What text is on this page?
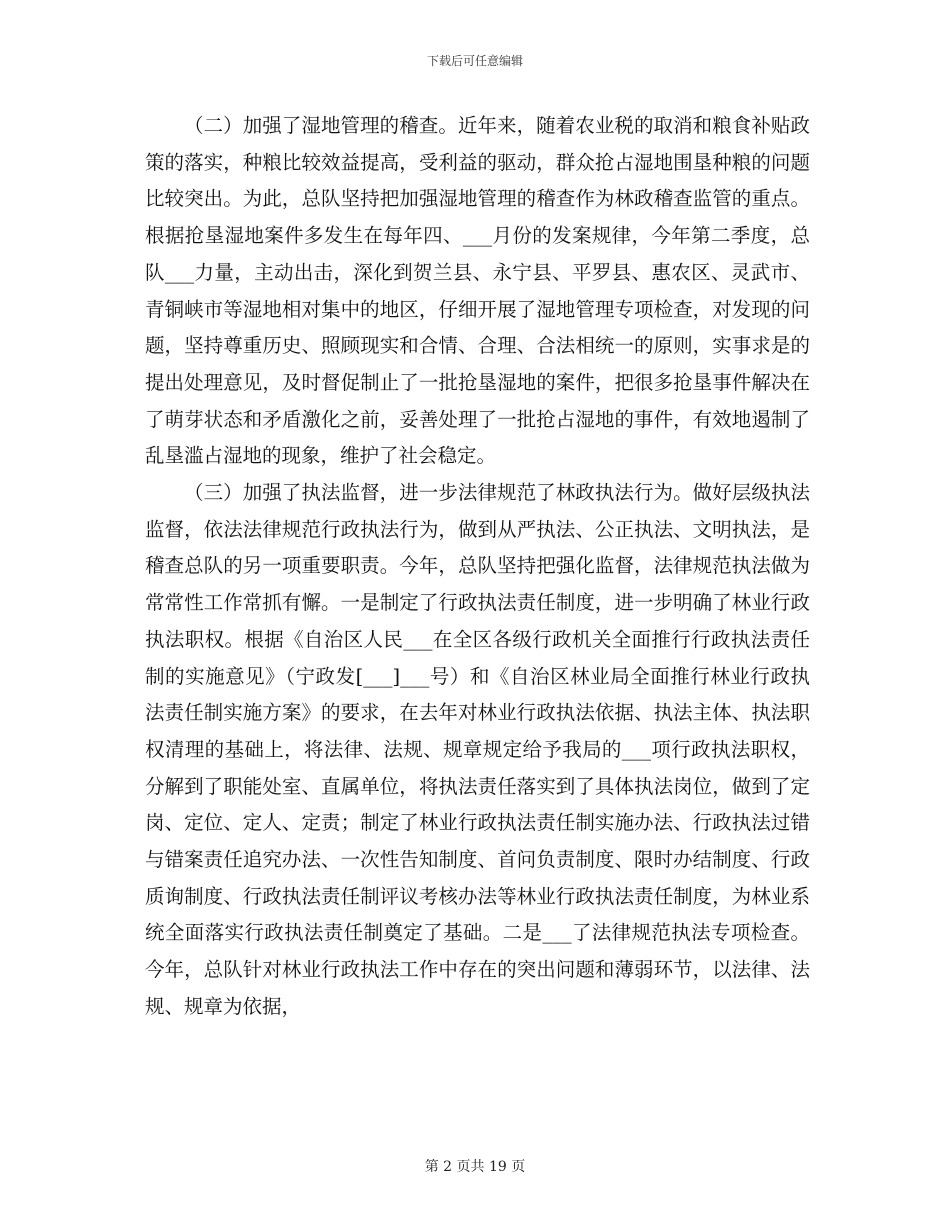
下载后可任意编辑

（二）加强了湿地管理的稽查。近年来，随着农业税的取消和粮食补贴政策的落实，种粮比较效益提高，受利益的驱动，群众抢占湿地围垦种粮的问题比较突出。为此，总队坚持把加强湿地管理的稽查作为林政稽查监管的重点。根据抢垦湿地案件多发生在每年四、___月份的发案规律，今年第二季度，总队___力量，主动出击，深化到贺兰县、永宁县、平罗县、惠农区、灵武市、青铜峡市等湿地相对集中的地区，仔细开展了湿地管理专项检查，对发现的问题，坚持尊重历史、照顾现实和合情、合理、合法相统一的原则，实事求是的提出处理意见，及时督促制止了一批抢垦湿地的案件，把很多抢垦事件解决在了萌芽状态和矛盾激化之前，妥善处理了一批抢占湿地的事件，有效地遏制了乱垦滥占湿地的现象，维护了社会稳定。

（三）加强了执法监督，进一步法律规范了林政执法行为。做好层级执法监督，依法法律规范行政执法行为，做到从严执法、公正执法、文明执法，是稽查总队的另一项重要职责。今年，总队坚持把强化监督，法律规范执法做为常常性工作常抓有懈。一是制定了行政执法责任制度，进一步明确了林业行政执法职权。根据《自治区人民___在全区各级行政机关全面推行行政执法责任制的实施意见》（宁政发[___]___号）和《自治区林业局全面推行林业行政执法责任制实施方案》的要求，在去年对林业行政执法依据、执法主体、执法职权清理的基础上，将法律、法规、规章规定给予我局的___项行政执法职权，分解到了职能处室、直属单位，将执法责任落实到了具体执法岗位，做到了定岗、定位、定人、定责；制定了林业行政执法责任制实施办法、行政执法过错与错案责任追究办法、一次性告知制度、首问负责制度、限时办结制度、行政质询制度、行政执法责任制评议考核办法等林业行政执法责任制度，为林业系统全面落实行政执法责任制奠定了基础。二是___了法律规范执法专项检查。今年，总队针对林业行政执法工作中存在的突出问题和薄弱环节，以法律、法规、规章为依据，

第 2 页共 19 页
